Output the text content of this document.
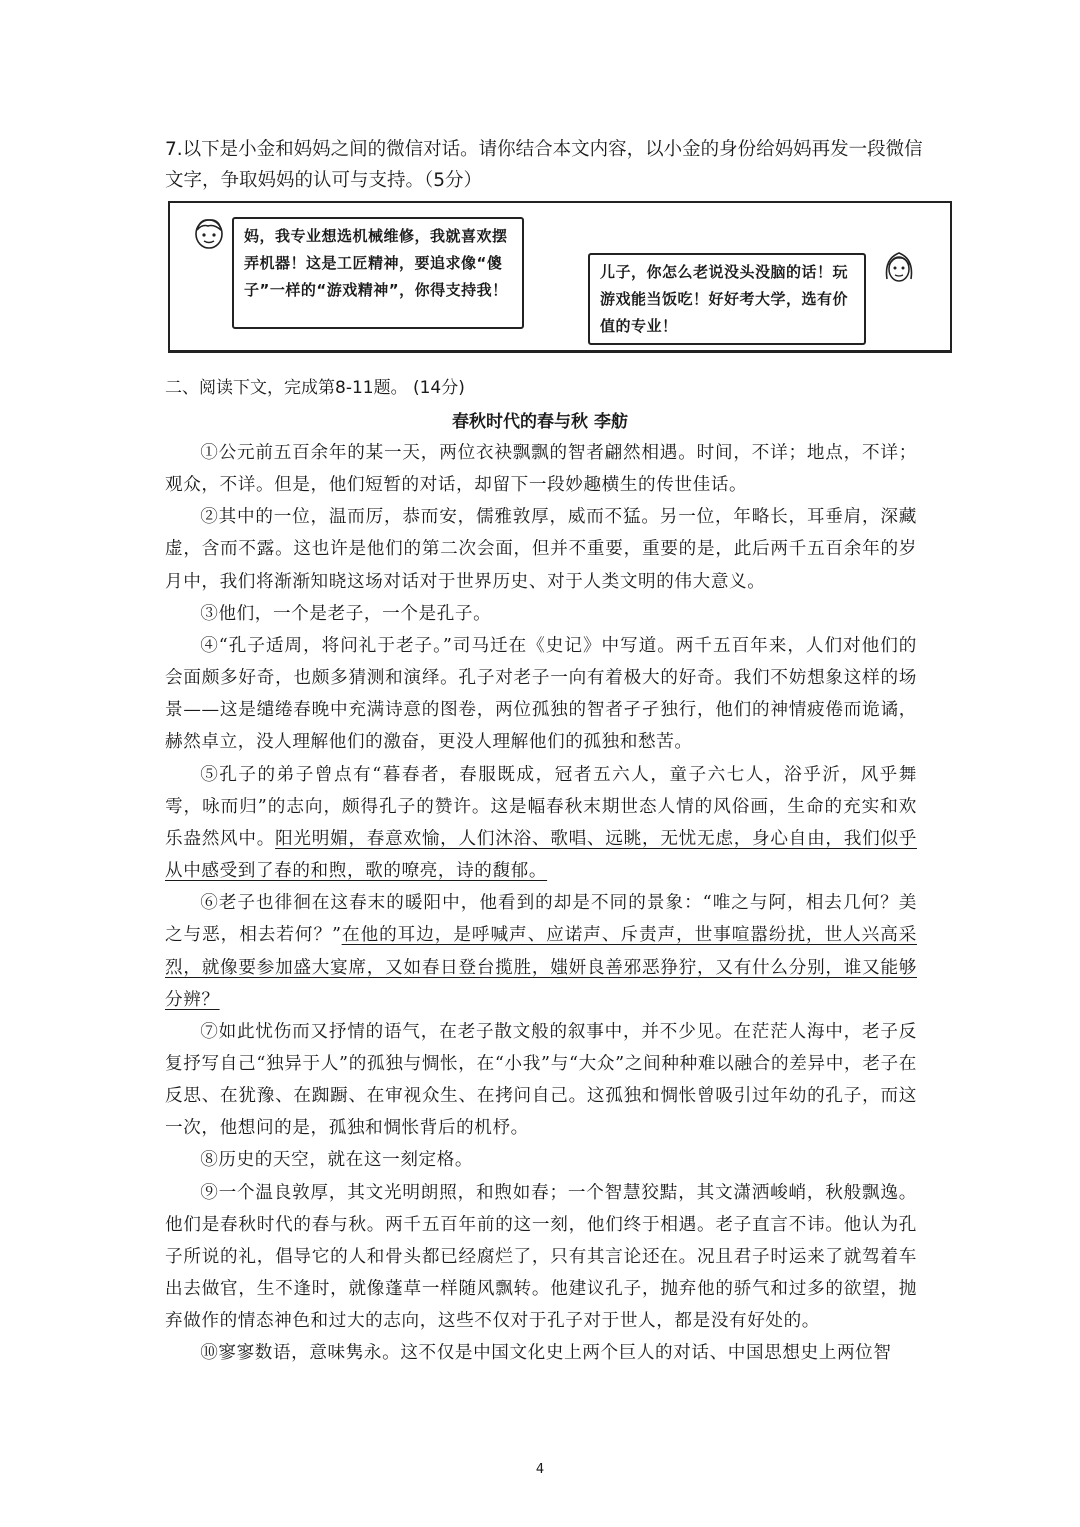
7.以下是小金和妈妈之间的微信对话。请你结合本文内容，以小金的身份给妈妈再发一段微信文字，争取妈妈的认可与支持。（5分）
妈，我专业想选机械维修，我就喜欢摆弄机器！这是工匠精神，要追求像“傻子”一样的“游戏精神”，你得支持我！
儿子，你怎么老说没头没脑的话！玩游戏能当饭吃！好好考大学，选有价值的专业！
二、阅读下文，完成第8-11题。 (14分)
春秋时代的春与秋 李舫

①公元前五百余年的某一天，两位衣袂飘飘的智者翩然相遇。时间，不详；地点，不详；观众，不详。但是，他们短暂的对话，却留下一段妙趣横生的传世佳话。

②其中的一位，温而厉，恭而安，儒雅敦厚，威而不猛。另一位，年略长，耳垂肩，深藏虚，含而不露。这也许是他们的第二次会面，但并不重要，重要的是，此后两千五百余年的岁月中，我们将渐渐知晓这场对话对于世界历史、对于人类文明的伟大意义。

③他们，一个是老子，一个是孔子。

④“孔子适周，将问礼于老子。”司马迁在《史记》中写道。两千五百年来，人们对他们的会面颇多好奇，也颇多猜测和演绎。孔子对老子一向有着极大的好奇。我们不妨想象这样的场景——这是缱绻春晚中充满诗意的图卷，两位孤独的智者孑孑独行，他们的神情疲倦而诡谲，赫然卓立，没人理解他们的激奋，更没人理解他们的孤独和愁苦。

⑤孔子的弟子曾点有“暮春者，春服既成，冠者五六人，童子六七人，浴乎沂，风乎舞雩，咏而归”的志向，颇得孔子的赞许。这是幅春秋末期世态人情的风俗画，生命的充实和欢乐盎然风中。阳光明媚，春意欢愉，人们沐浴、歌唱、远眺，无忧无虑，身心自由，我们似乎从中感受到了春的和煦，歌的嘹亮，诗的馥郁。

⑥老子也徘徊在这春末的暖阳中，他看到的却是不同的景象：“唯之与阿，相去几何？美之与恶，相去若何？”在他的耳边，是呼喊声、应诺声、斥责声，世事喧嚣纷扰，世人兴高采烈，就像要参加盛大宴席，又如春日登台揽胜，媸妍良善邪恶狰狞，又有什么分别，谁又能够分辨？

⑦如此忧伤而又抒情的语气，在老子散文般的叙事中，并不少见。在茫茫人海中，老子反复抒写自己“独异于人”的孤独与惆怅，在“小我”与“大众”之间种种难以融合的差异中，老子在反思、在犹豫、在踟蹰、在审视众生、在拷问自己。这孤独和惆怅曾吸引过年幼的孔子，而这一次，他想问的是，孤独和惆怅背后的机杼。

⑧历史的天空，就在这一刻定格。

⑨一个温良敦厚，其文光明朗照，和煦如春；一个智慧狡黠，其文潇洒峻峭，秋般飘逸。他们是春秋时代的春与秋。两千五百年前的这一刻，他们终于相遇。老子直言不讳。他认为孔子所说的礼，倡导它的人和骨头都已经腐烂了，只有其言论还在。况且君子时运来了就驾着车出去做官，生不逢时，就像蓬草一样随风飘转。他建议孔子，抛弃他的骄气和过多的欲望，抛弃做作的情态神色和过大的志向，这些不仅对于孔子对于世人，都是没有好处的。

⑩寥寥数语，意味隽永。这不仅是中国文化史上两个巨人的对话、中国思想史上两位智

4
